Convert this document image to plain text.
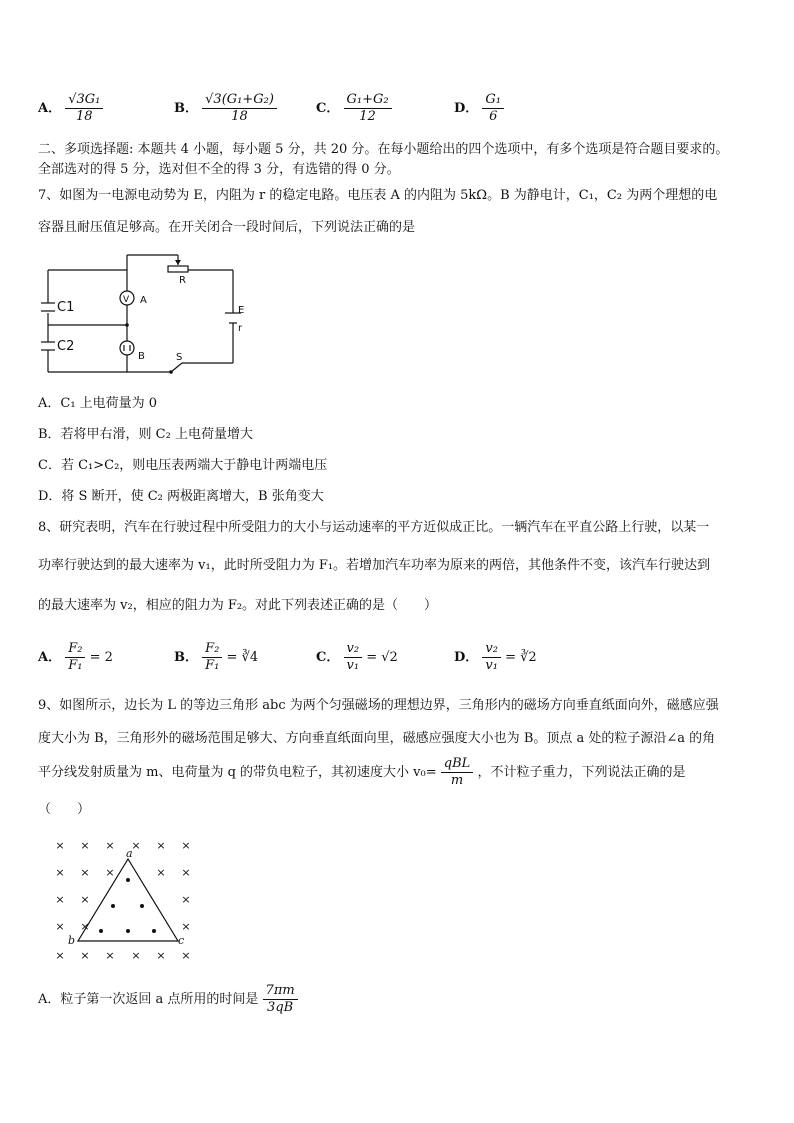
A． $\frac{\text{√3G₁}}{18}$	B． $\frac{\text{√3(G₁+G₂)}}{18}$	C． $\frac{\text{G₁+G₂}}{12}$	D． $\frac{\text{G₁}}{6}$
二、多项选择题: 本题共 4 小题，每小题 5 分，共 20 分。在每小题给出的四个选项中，有多个选项是符合题目要求的。
全部选对的得 5 分，选对但不全的得 3 分，有选错的得 0 分。
7、如图为一电源电动势为 E，内阻为 r 的稳定电路。电压表 A 的内阻为 5kΩ。B 为静电计，C₁，C₂ 为两个理想的电
容器且耐压值足够高。在开关闭合一段时间后，下列说法正确的是
V
C1
C2
A
B
R
E
r
S
A．C₁ 上电荷量为 0
B．若将甲右滑，则 C₂ 上电荷量增大
C．若 C₁>C₂，则电压表两端大于静电计两端电压
D．将 S 断开，使 C₂ 两极距离增大，B 张角变大
8、研究表明，汽车在行驶过程中所受阻力的大小与运动速率的平方近似成正比。一辆汽车在平直公路上行驶，以某一
功率行驶达到的最大速率为 v₁，此时所受阻力为 F₁。若增加汽车功率为原来的两倍，其他条件不变，该汽车行驶达到
的最大速率为 v₂，相应的阻力为 F₂。对此下列表述正确的是（　　）
A． $\frac{\text{F₂}}{\text{F₁}} = 2$	B． $\frac{\text{F₂}}{\text{F₁}}$ = ∛4	C． $\frac{\text{v₂}}{\text{v₁}} = √2$	D． $\frac{\text{v₂}}{\text{v₁}}$ = ∛2
9、如图所示，边长为 L 的等边三角形 abc 为两个匀强磁场的理想边界，三角形内的磁场方向垂直纸面向外，磁感应强
度大小为 B，三角形外的磁场范围足够大、方向垂直纸面向里，磁感应强度大小也为 B。顶点 a 处的粒子源沿∠a 的角
平分线发射质量为 m、电荷量为 q 的带负电粒子，其初速度大小 $v_0= \frac{\text{qBL}}{m}$ ，不计粒子重力，下列说法正确的是
（　　）
× × × × × ×
× × ×	× ×
× ×	×
× ×	×
× × × × × ×
a
b	c
A．粒子第一次返回 a 点所用的时间是 $\frac{7\pi m}{3qB}$
